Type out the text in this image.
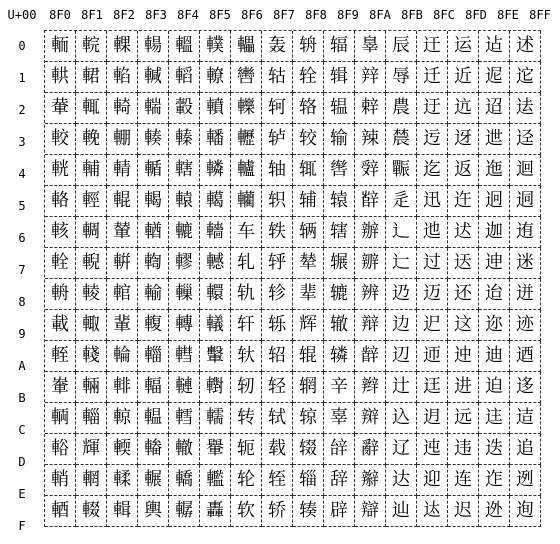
U+00	8F0 8F1 8F2 8F3 8F4 8F5 8F6 8F7 8F8 8F9 8FA 8FB 8FC 8FD 8FE 8FF
0
1
2
3
4
5
6
7
8
9
A
B
C
D
E
F
輀 輐 輠 輰 轀 轐 轠 轰 辀 辐 辠 辰 迀 运 迠 述
輁 輑 輡 輱 轁 轑 轡 轱 辁 辑 辡 辱 迁 近 迡 迱
輂 輒 輢 輲 轂 轒 轢 轲 辂 辒 辢 農 迂 迒 迢 迲
較 輓 輣 輳 轃 轓 轣 轳 较 输 辣 辳 迃 迓 迣 迳
輄 輔 輤 輴 轄 轔 轤 轴 辄 辔 辤 辴 迄 返 迤 迴
輅 輕 輥 輵 轅 轕 轥 轵 辅 辕 辥 辵 迅 迕 迥 迵
輆 輖 輦 輶 轆 轖 车 轶 辆 辖 辦 辶 迆 迖 迦 迶
輇 輗 輧 輷 轇 轗 轧 轷 辇 辗 辧 辷 过 迗 迧 迷
輈 輘 輨 輸 轈 轘 轨 轸 辈 辘 辨 辸 迈 还 迨 迸
載 輙 輩 輹 轉 轙 轩 轹 辉 辙 辩 边 迉 这 迩 迹
輊 輚 輪 輺 轊 轚 轪 轺 辊 辚 辪 辺 迊 迚 迪 迺
輋 輛 輫 輻 轋 轛 轫 轻 辋 辛 辫 辻 迋 进 迫 迻
輌 輜 輬 輼 轌 轜 转 轼 辌 辜 辬 込 迌 远 迬 迼
輍 輝 輭 輽 轍 轝 轭 载 辍 辝 辭 辽 迍 违 迭 追
輎 輞 輮 輾 轎 轞 轮 轾 辎 辞 辮 达 迎 连 迮 迾
輏 輟 輯 輿 轏 轟 软 轿 辏 辟 辯 辿 迏 迟 迯 迿
